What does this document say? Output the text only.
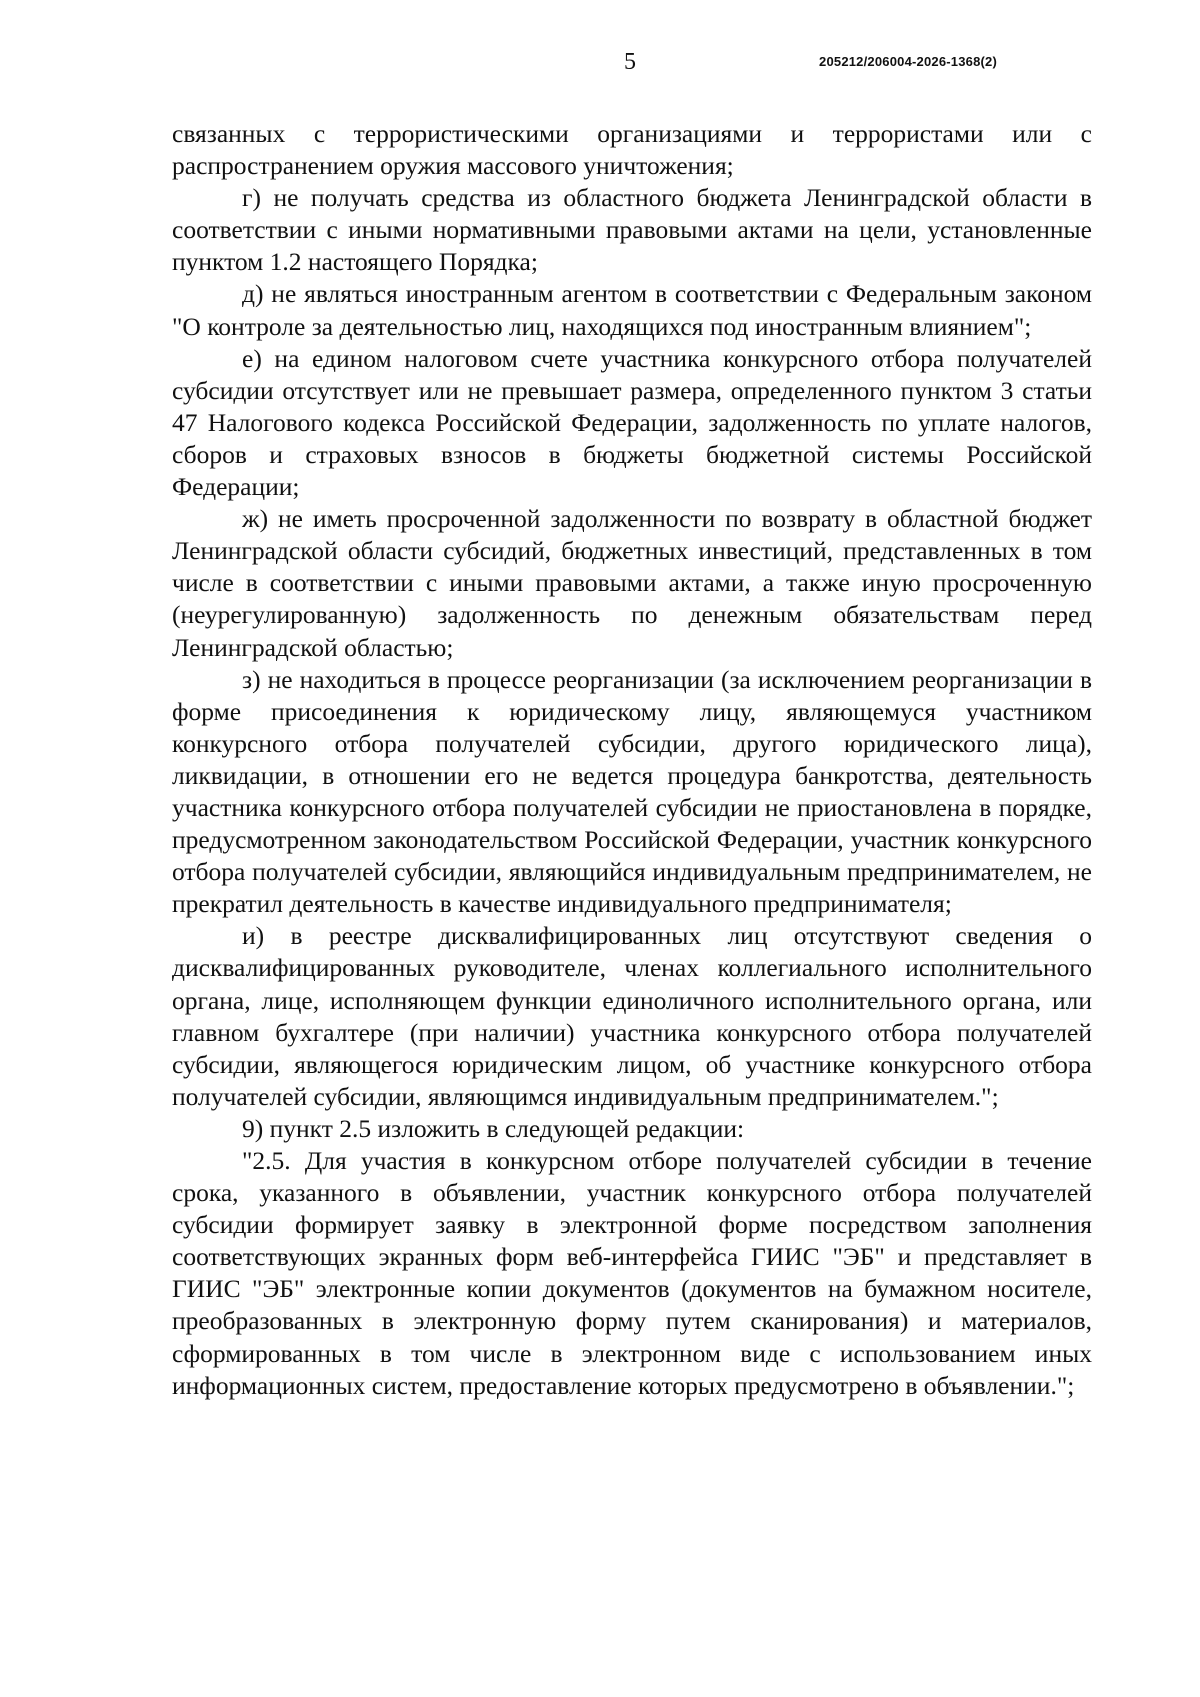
5	205212/206004-2026-1368(2)

связанных с террористическими организациями и террористами или с распространением оружия массового уничтожения;

г) не получать средства из областного бюджета Ленинградской области в соответствии с иными нормативными правовыми актами на цели, установленные пунктом 1.2 настоящего Порядка;

д) не являться иностранным агентом в соответствии с Федеральным законом "О контроле за деятельностью лиц, находящихся под иностранным влиянием";

е) на едином налоговом счете участника конкурсного отбора получателей субсидии отсутствует или не превышает размера, определенного пунктом 3 статьи 47 Налогового кодекса Российской Федерации, задолженность по уплате налогов, сборов и страховых взносов в бюджеты бюджетной системы Российской Федерации;

ж) не иметь просроченной задолженности по возврату в областной бюджет Ленинградской области субсидий, бюджетных инвестиций, представленных в том числе в соответствии с иными правовыми актами, а также иную просроченную (неурегулированную) задолженность по денежным обязательствам перед Ленинградской областью;

з) не находиться в процессе реорганизации (за исключением реорганизации в форме присоединения к юридическому лицу, являющемуся участником конкурсного отбора получателей субсидии, другого юридического лица), ликвидации, в отношении его не ведется процедура банкротства, деятельность участника конкурсного отбора получателей субсидии не приостановлена в порядке, предусмотренном законодательством Российской Федерации, участник конкурсного отбора получателей субсидии, являющийся индивидуальным предпринимателем, не прекратил деятельность в качестве индивидуального предпринимателя;

и) в реестре дисквалифицированных лиц отсутствуют сведения о дисквалифицированных руководителе, членах коллегиального исполнительного органа, лице, исполняющем функции единоличного исполнительного органа, или главном бухгалтере (при наличии) участника конкурсного отбора получателей субсидии, являющегося юридическим лицом, об участнике конкурсного отбора получателей субсидии, являющимся индивидуальным предпринимателем.";

9) пункт 2.5 изложить в следующей редакции:

"2.5. Для участия в конкурсном отборе получателей субсидии в течение срока, указанного в объявлении, участник конкурсного отбора получателей субсидии формирует заявку в электронной форме посредством заполнения соответствующих экранных форм веб-интерфейса ГИИС "ЭБ" и представляет в ГИИС "ЭБ" электронные копии документов (документов на бумажном носителе, преобразованных в электронную форму путем сканирования) и материалов, сформированных в том числе в электронном виде с использованием иных информационных систем, предоставление которых предусмотрено в объявлении.";
